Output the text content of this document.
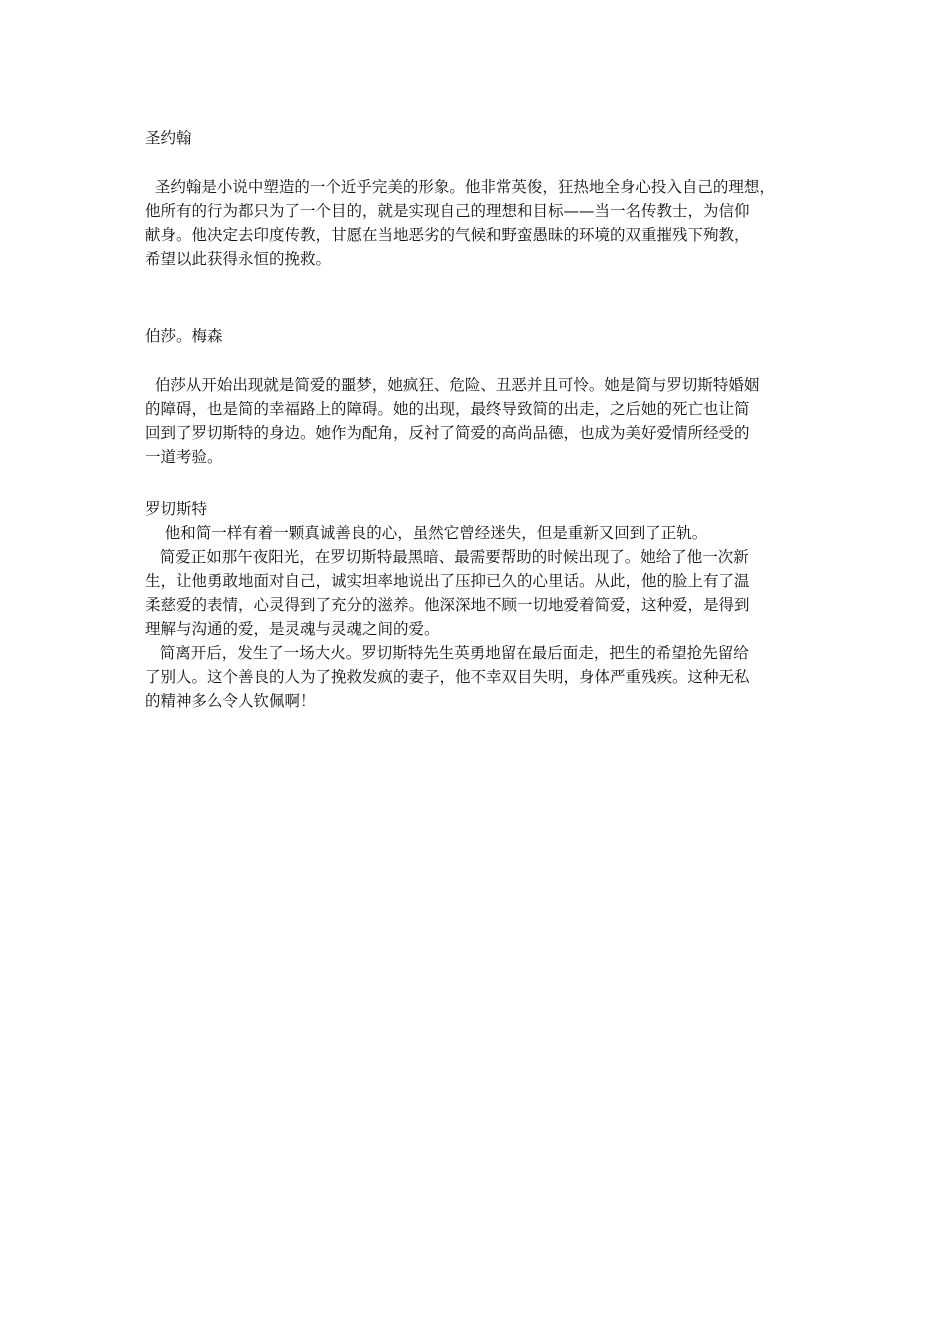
圣约翰
圣约翰是小说中塑造的一个近乎完美的形象。他非常英俊，狂热地全身心投入自己的理想，
他所有的行为都只为了一个目的，就是实现自己的理想和目标——当一名传教士，为信仰
献身。他决定去印度传教，甘愿在当地恶劣的气候和野蛮愚昧的环境的双重摧残下殉教，
希望以此获得永恒的挽救。
伯莎。梅森
伯莎从开始出现就是简爱的噩梦，她疯狂、危险、丑恶并且可怜。她是简与罗切斯特婚姻
的障碍，也是简的幸福路上的障碍。她的出现，最终导致简的出走，之后她的死亡也让简
回到了罗切斯特的身边。她作为配角，反衬了简爱的高尚品德，也成为美好爱情所经受的
一道考验。
罗切斯特
他和简一样有着一颗真诚善良的心，虽然它曾经迷失，但是重新又回到了正轨。
简爱正如那午夜阳光，在罗切斯特最黑暗、最需要帮助的时候出现了。她给了他一次新
生，让他勇敢地面对自己，诚实坦率地说出了压抑已久的心里话。从此，他的脸上有了温
柔慈爱的表情，心灵得到了充分的滋养。他深深地不顾一切地爱着简爱，这种爱，是得到
理解与沟通的爱，是灵魂与灵魂之间的爱。
简离开后，发生了一场大火。罗切斯特先生英勇地留在最后面走，把生的希望抢先留给
了别人。这个善良的人为了挽救发疯的妻子，他不幸双目失明，身体严重残疾。这种无私
的精神多么令人钦佩啊！
